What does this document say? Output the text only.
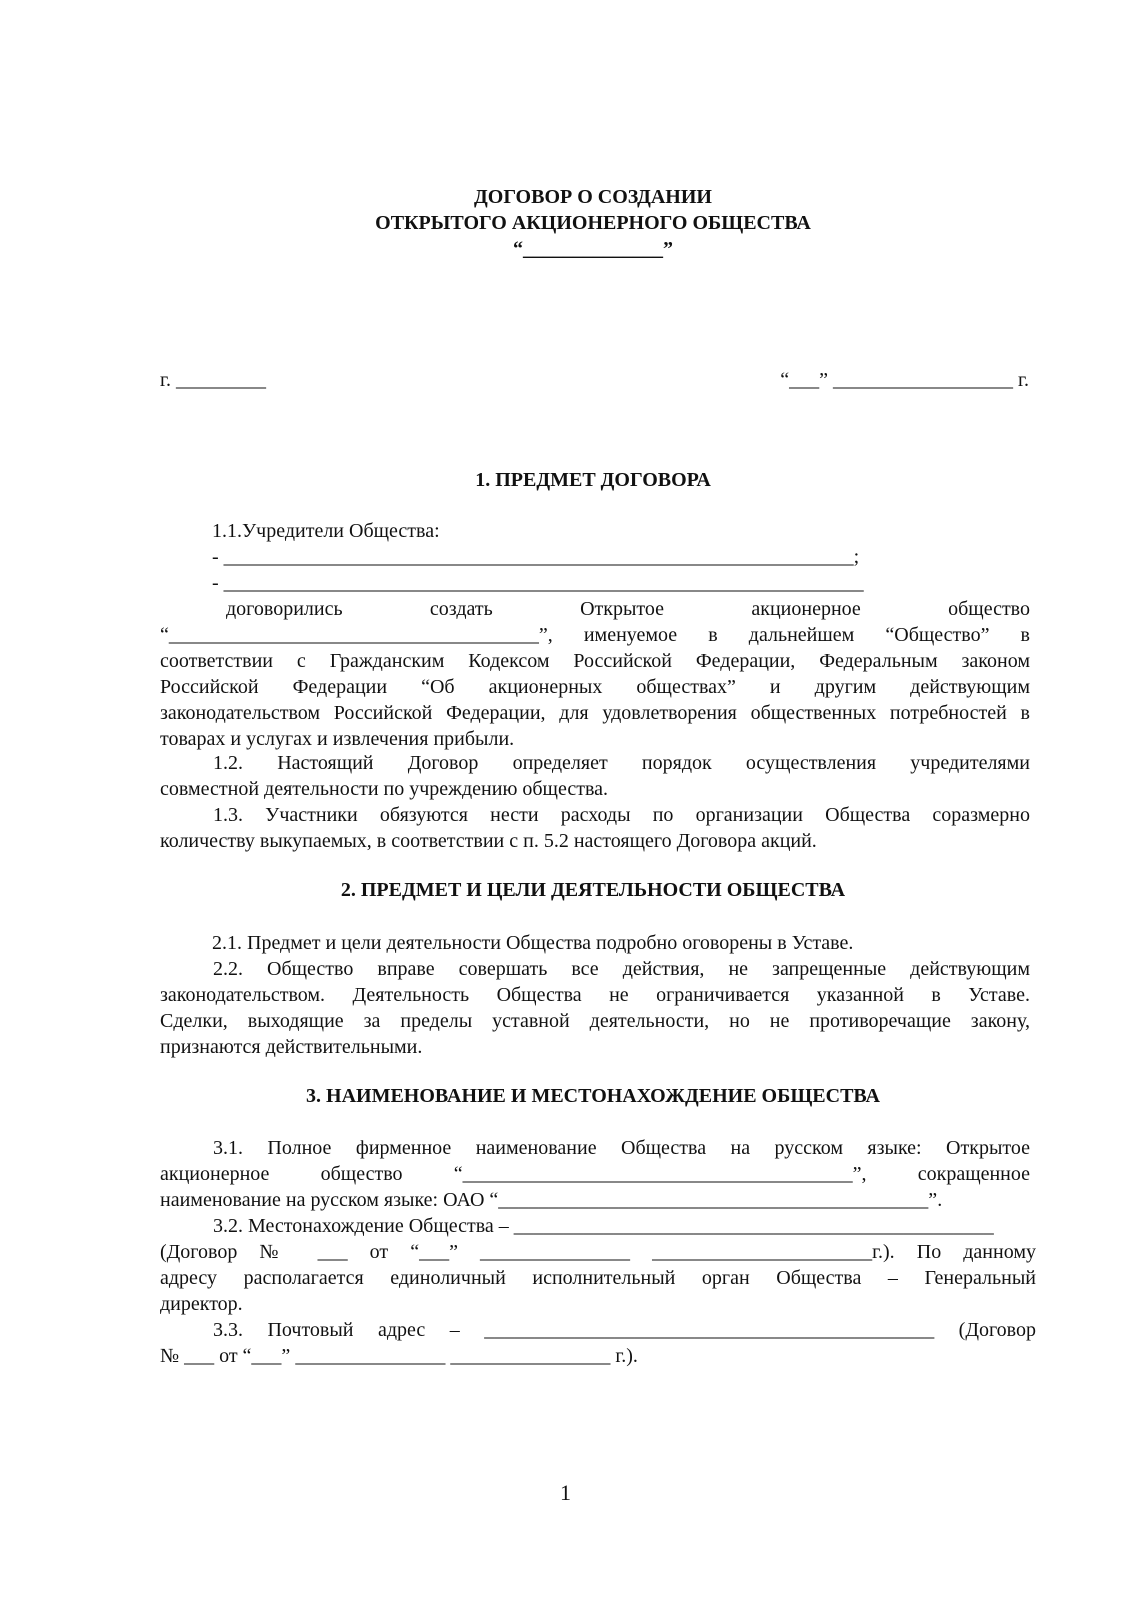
ДОГОВОР О СОЗДАНИИ

ОТКРЫТОГО АКЦИОНЕРНОГО ОБЩЕСТВА

“______________”

г. _________	“___” __________________ г.
1. ПРЕДМЕТ ДОГОВОРА
1.1.Учредители Общества:
- _______________________________________________________________;
- ________________________________________________________________

договорились создать Открытое акционерное общество

“_____________________________________”, именуемое в дальнейшем “Общество” в

соответствии с Гражданским Кодексом Российской Федерации, Федеральным законом

Российской Федерации “Об акционерных обществах” и другим действующим

законодательством Российской Федерации, для удовлетворения общественных потребностей в

товарах и услугах и извлечения прибыли.

1.2. Настоящий Договор определяет порядок осуществления учредителями

совместной деятельности по учреждению общества.

1.3. Участники обязуются нести расходы по организации Общества соразмерно

количеству выкупаемых, в соответствии с п. 5.2 настоящего Договора акций.

2. ПРЕДМЕТ И ЦЕЛИ ДЕЯТЕЛЬНОСТИ ОБЩЕСТВА
2.1. Предмет и цели деятельности Общества подробно оговорены в Уставе.

2.2. Общество вправе совершать все действия, не запрещенные действующим

законодательством. Деятельность Общества не ограничивается указанной в Уставе.

Сделки, выходящие за пределы уставной деятельности, но не противоречащие закону,

признаются действительными.

3. НАИМЕНОВАНИЕ И МЕСТОНАХОЖДЕНИЕ ОБЩЕСТВА

3.1. Полное фирменное наименование Общества на русском языке: Открытое

акционерное общество “_______________________________________”, сокращенное

наименование на русском языке: ОАО “___________________________________________”.

3.2. Местонахождение Общества – ________________________________________________

(Договор № ___ от “___” _______________ ______________________г.). По данному

адресу располагается единоличный исполнительный орган Общества – Генеральный

директор.

3.3. Почтовый адрес – _____________________________________________ (Договор

№ ___ от “___” _______________ ________________ г.).

1
